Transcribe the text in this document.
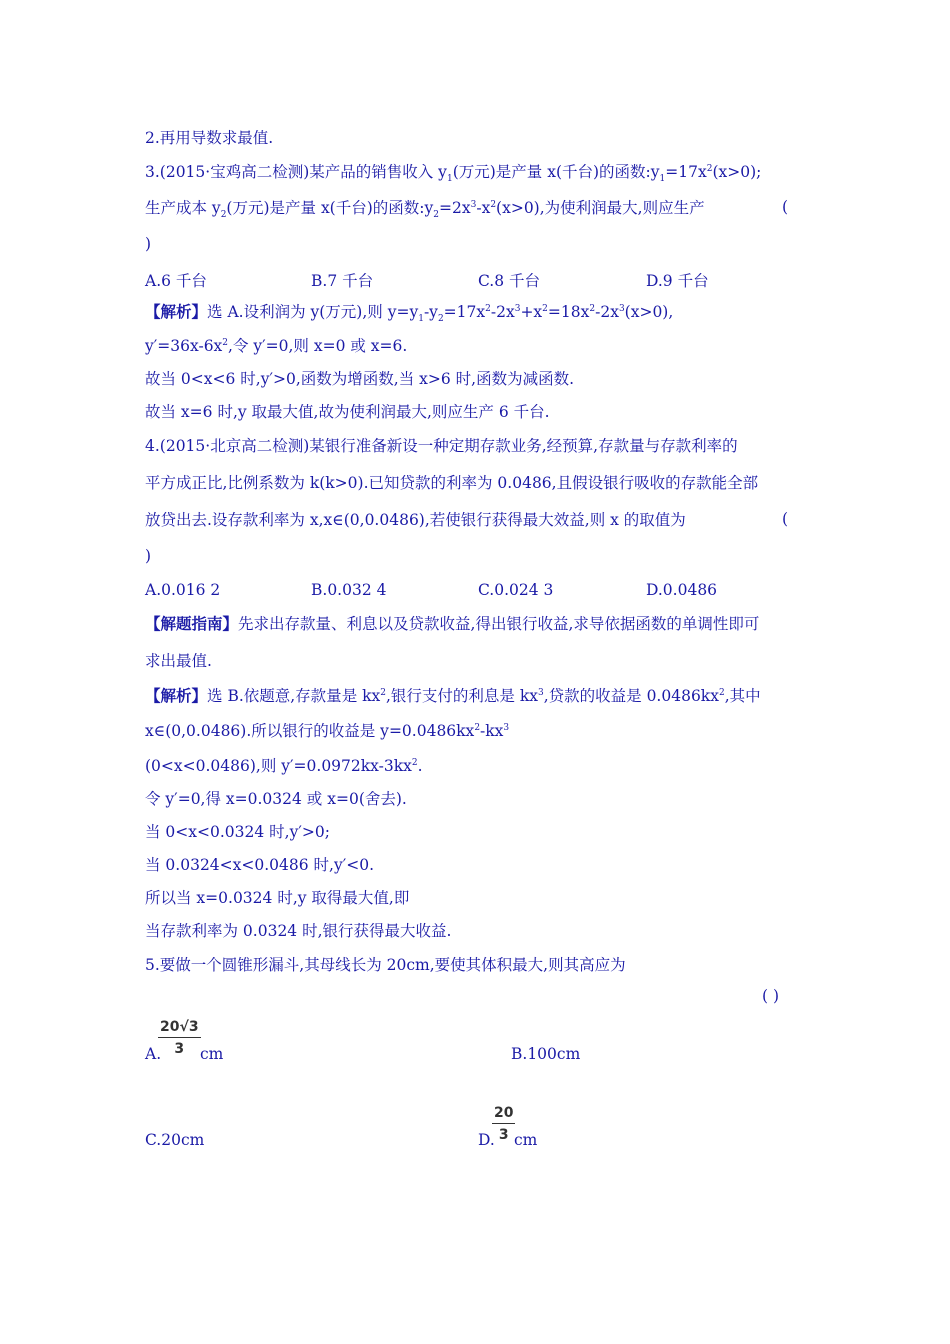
2.再用导数求最值.
3.(2015·宝鸡高二检测)某产品的销售收入 $y_1$(万元)是产量 x(千台)的函数$:y_1=17x^2(x>0)$;
生产成本 $y_2$(万元)是产量 x(千台)的函数$:y_2=2x^3-x^2(x>0)$,为使利润最大,则应生产	(
)
A.6 千台	B.7 千台	C.8 千台	D.9 千台
【解析】选 A.设利润为 y(万元),则 $y=y_1-y_2=17x^2-2x^3+x^2=18x^2-2x^3(x>0)$,
$y'=36x-6x^2$,令 y′=0,则 x=0 或 x=6.
故当 0<x<6 时,y′>0,函数为增函数,当 x>6 时,函数为减函数.
故当 x=6 时,y 取最大值,故为使利润最大,则应生产 6 千台.
4.(2015·北京高二检测)某银行准备新设一种定期存款业务,经预算,存款量与存款利率的
平方成正比,比例系数为 k(k>0).已知贷款的利率为 0.0486,且假设银行吸收的存款能全部
放贷出去.设存款利率为 x,x∈(0,0.0486),若使银行获得最大效益,则 x 的取值为	(
)
A.0.016 2	B.0.032 4	C.0.024 3	D.0.0486
【解题指南】先求出存款量、利息以及贷款收益,得出银行收益,求导依据函数的单调性即可
求出最值.
【解析】选 B.依题意,存款量是 $kx^2$,银行支付的利息是 $kx^3$,贷款的收益是 $0.0486kx^2$,其中
x∈(0,0.0486).所以银行的收益是 $y=0.0486kx^2-kx^3$
(0<x<0.0486),则 $y'=0.0972kx-3kx^2$.
令 y′=0,得 x=0.0324 或 x=0(舍去).
当 0<x<0.0324 时,y′>0;
当 0.0324<x<0.0486 时,y′<0.
所以当 x=0.0324 时,y 取得最大值,即
当存款利率为 0.0324 时,银行获得最大收益.
5.要做一个圆锥形漏斗,其母线长为 20cm,要使其体积最大,则其高应为
( )
A.
$\frac{20√3}{3}$ cm	B.100cm
C.20cm	D.
$\frac{20}{3}$
cm
